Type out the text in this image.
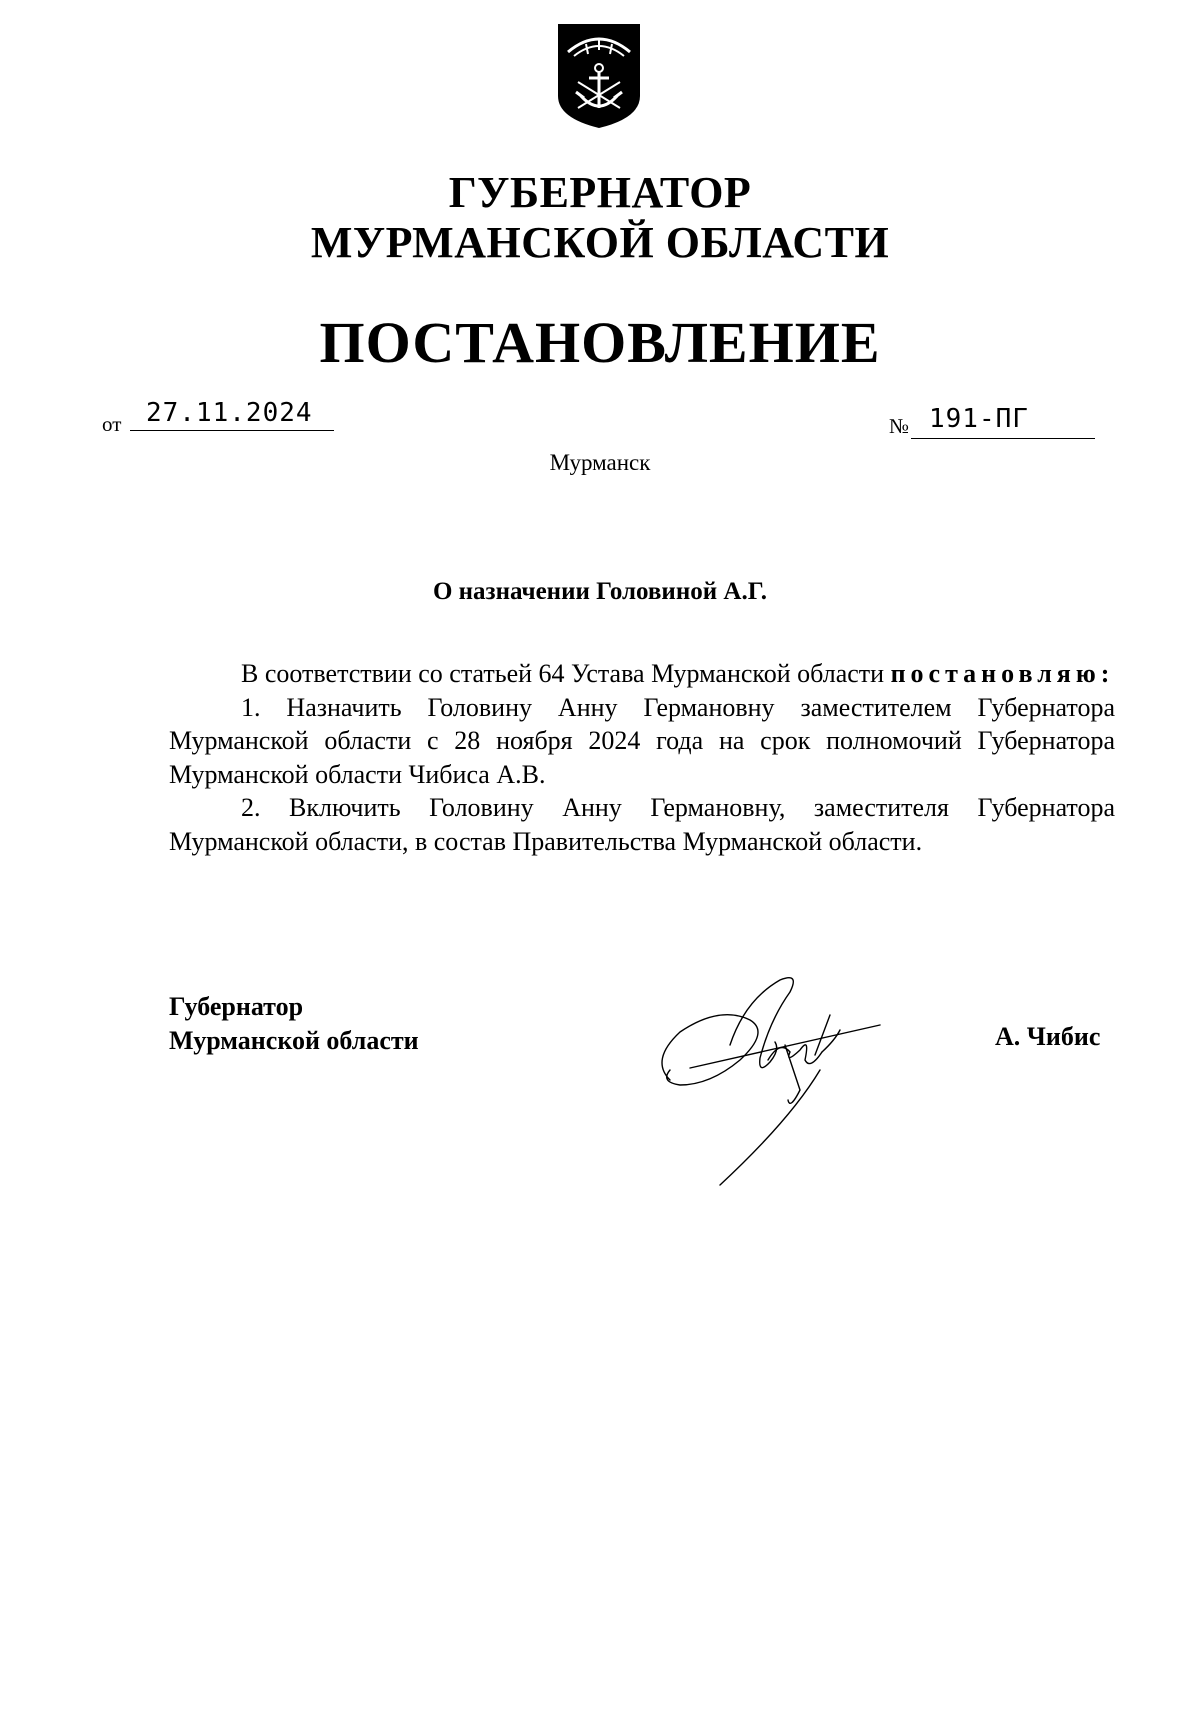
ГУБЕРНАТОР
МУРМАНСКОЙ ОБЛАСТИ
ПОСТАНОВЛЕНИЕ
от 27.11.2024	№ 191-ПГ
Мурманск
О назначении Головиной А.Г.

В соответствии со статьей 64 Устава Мурманской области постановляю:

1. Назначить Головину Анну Германовну заместителем Губернатора Мурманской области с 28 ноября 2024 года на срок полномочий Губернатора Мурманской области Чибиса А.В.

2. Включить Головину Анну Германовну, заместителя Губернатора Мурманской области, в состав Правительства Мурманской области.

Губернатор
Мурманской области	А. Чибис
